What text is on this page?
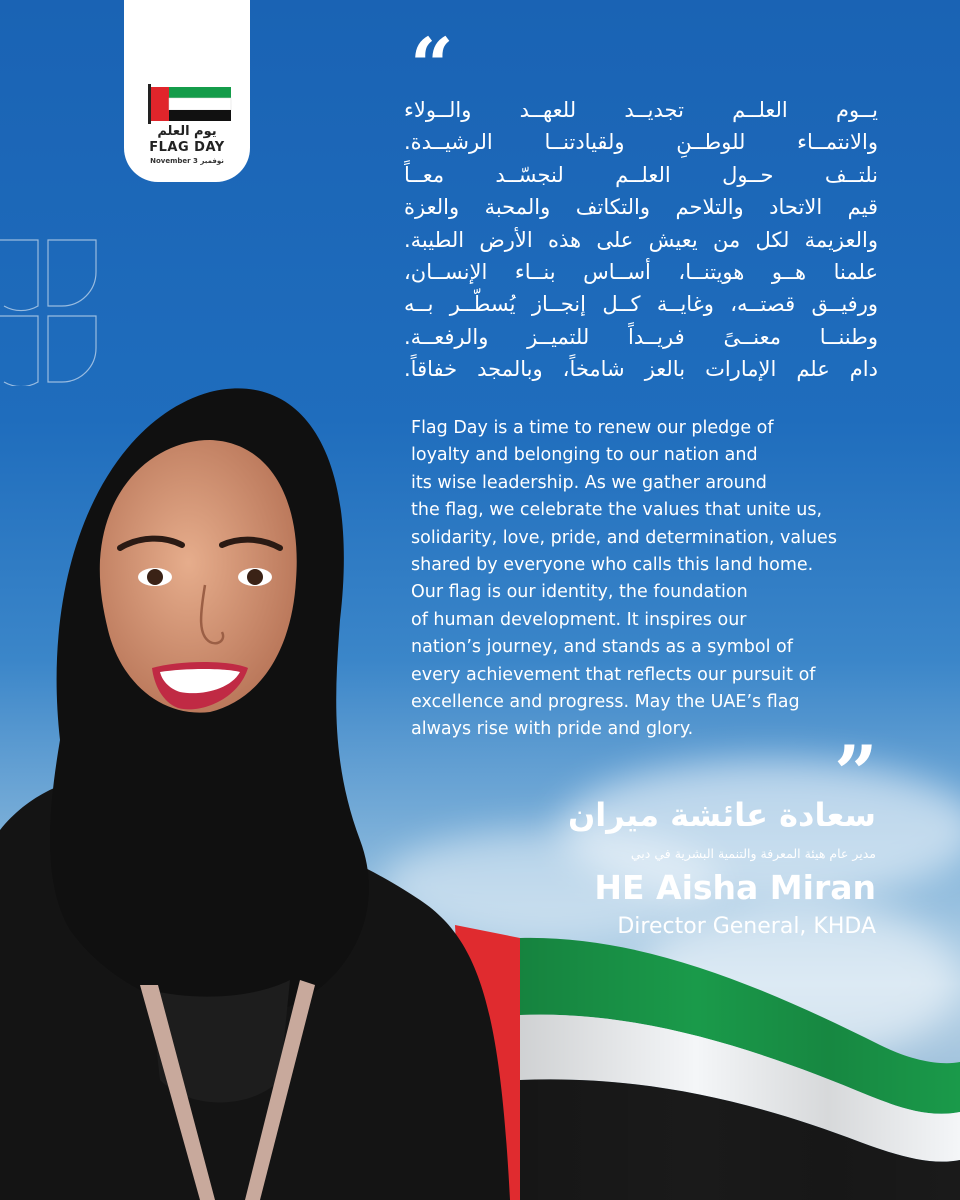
يوم العلم
FLAG DAY
November 3 نوفمبر
“
يــوم العلــم تجديــد للعهــد والــولاء
والانتمــاء للوطــنِ ولقيادتنــا الرشيــدة.
نلتــف حــول العلــم لنجسّــد معــاً
قيم الاتحاد والتلاحم والتكاتف والمحبة والعزة
والعزيمة لكل من يعيش على هذه الأرض الطيبة.
علمنا هــو هويتنــا، أســاس بنــاء الإنســان،
ورفيــق قصتــه، وغايــة كــل إنجــاز يُسطَّــر بــه
وطننــا معنــىً فريــداً للتميــز والرفعــة.
دام علم الإمارات بالعز شامخاً، وبالمجد خفاقاً.
Flag Day is a time to renew our pledge of
loyalty and belonging to our nation and
its wise leadership. As we gather around
the flag, we celebrate the values that unite us,
solidarity, love, pride, and determination, values
shared by everyone who calls this land home.
Our flag is our identity, the foundation
of human development. It inspires our
nation’s journey, and stands as a symbol of
every achievement that reflects our pursuit of
excellence and progress. May the UAE’s flag
always rise with pride and glory.	”
سعادة عائشة ميران
مدير عام هيئة المعرفة والتنمية البشرية في دبي
HE Aisha Miran
Director General, KHDA
